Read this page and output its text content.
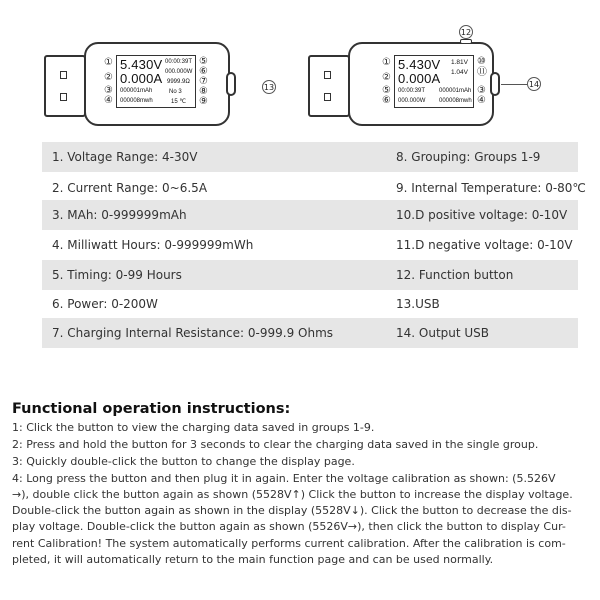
5.430V
0.000A
000001mAh
000008mwh
00:00:39T
000.000W
9999.9Ω
No 3
15 ℃
①
②
③
④
⑤
⑥
⑦
⑧
⑨
13
12
5.430V
0.000A
00:00:39T
000.000W
1.81V
1.04V
000001mAh
000008mwh
①
②
⑤
⑥
⑩
⑪
③
④
14
1. Voltage Range: 4-30V	8. Grouping: Groups 1-9
2. Current Range: 0~6.5A	9. Internal Temperature: 0-80℃
3. MAh: 0-999999mAh	10.D positive voltage: 0-10V
4. Milliwatt Hours: 0-999999mWh	11.D negative voltage: 0-10V
5. Timing: 0-99 Hours	12. Function button
6. Power: 0-200W	13.USB
7. Charging Internal Resistance: 0-999.9 Ohms	14. Output USB
Functional operation instructions:
1: Click the button to view the charging data saved in groups 1-9.
2: Press and hold the button for 3 seconds to clear the charging data saved in the single group.
3: Quickly double-click the button to change the display page.
4: Long press the button and then plug it in again. Enter the voltage calibration as shown: (5.526V
→), double click the button again as shown (5528V↑) Click the button to increase the display voltage.
Double-click the button again as shown in the display (5528V↓). Click the button to decrease the dis-
play voltage. Double-click the button again as shown (5526V→), then click the button to display Cur-
rent Calibration! The system automatically performs current calibration. After the calibration is com-
pleted, it will automatically return to the main function page and can be used normally.
